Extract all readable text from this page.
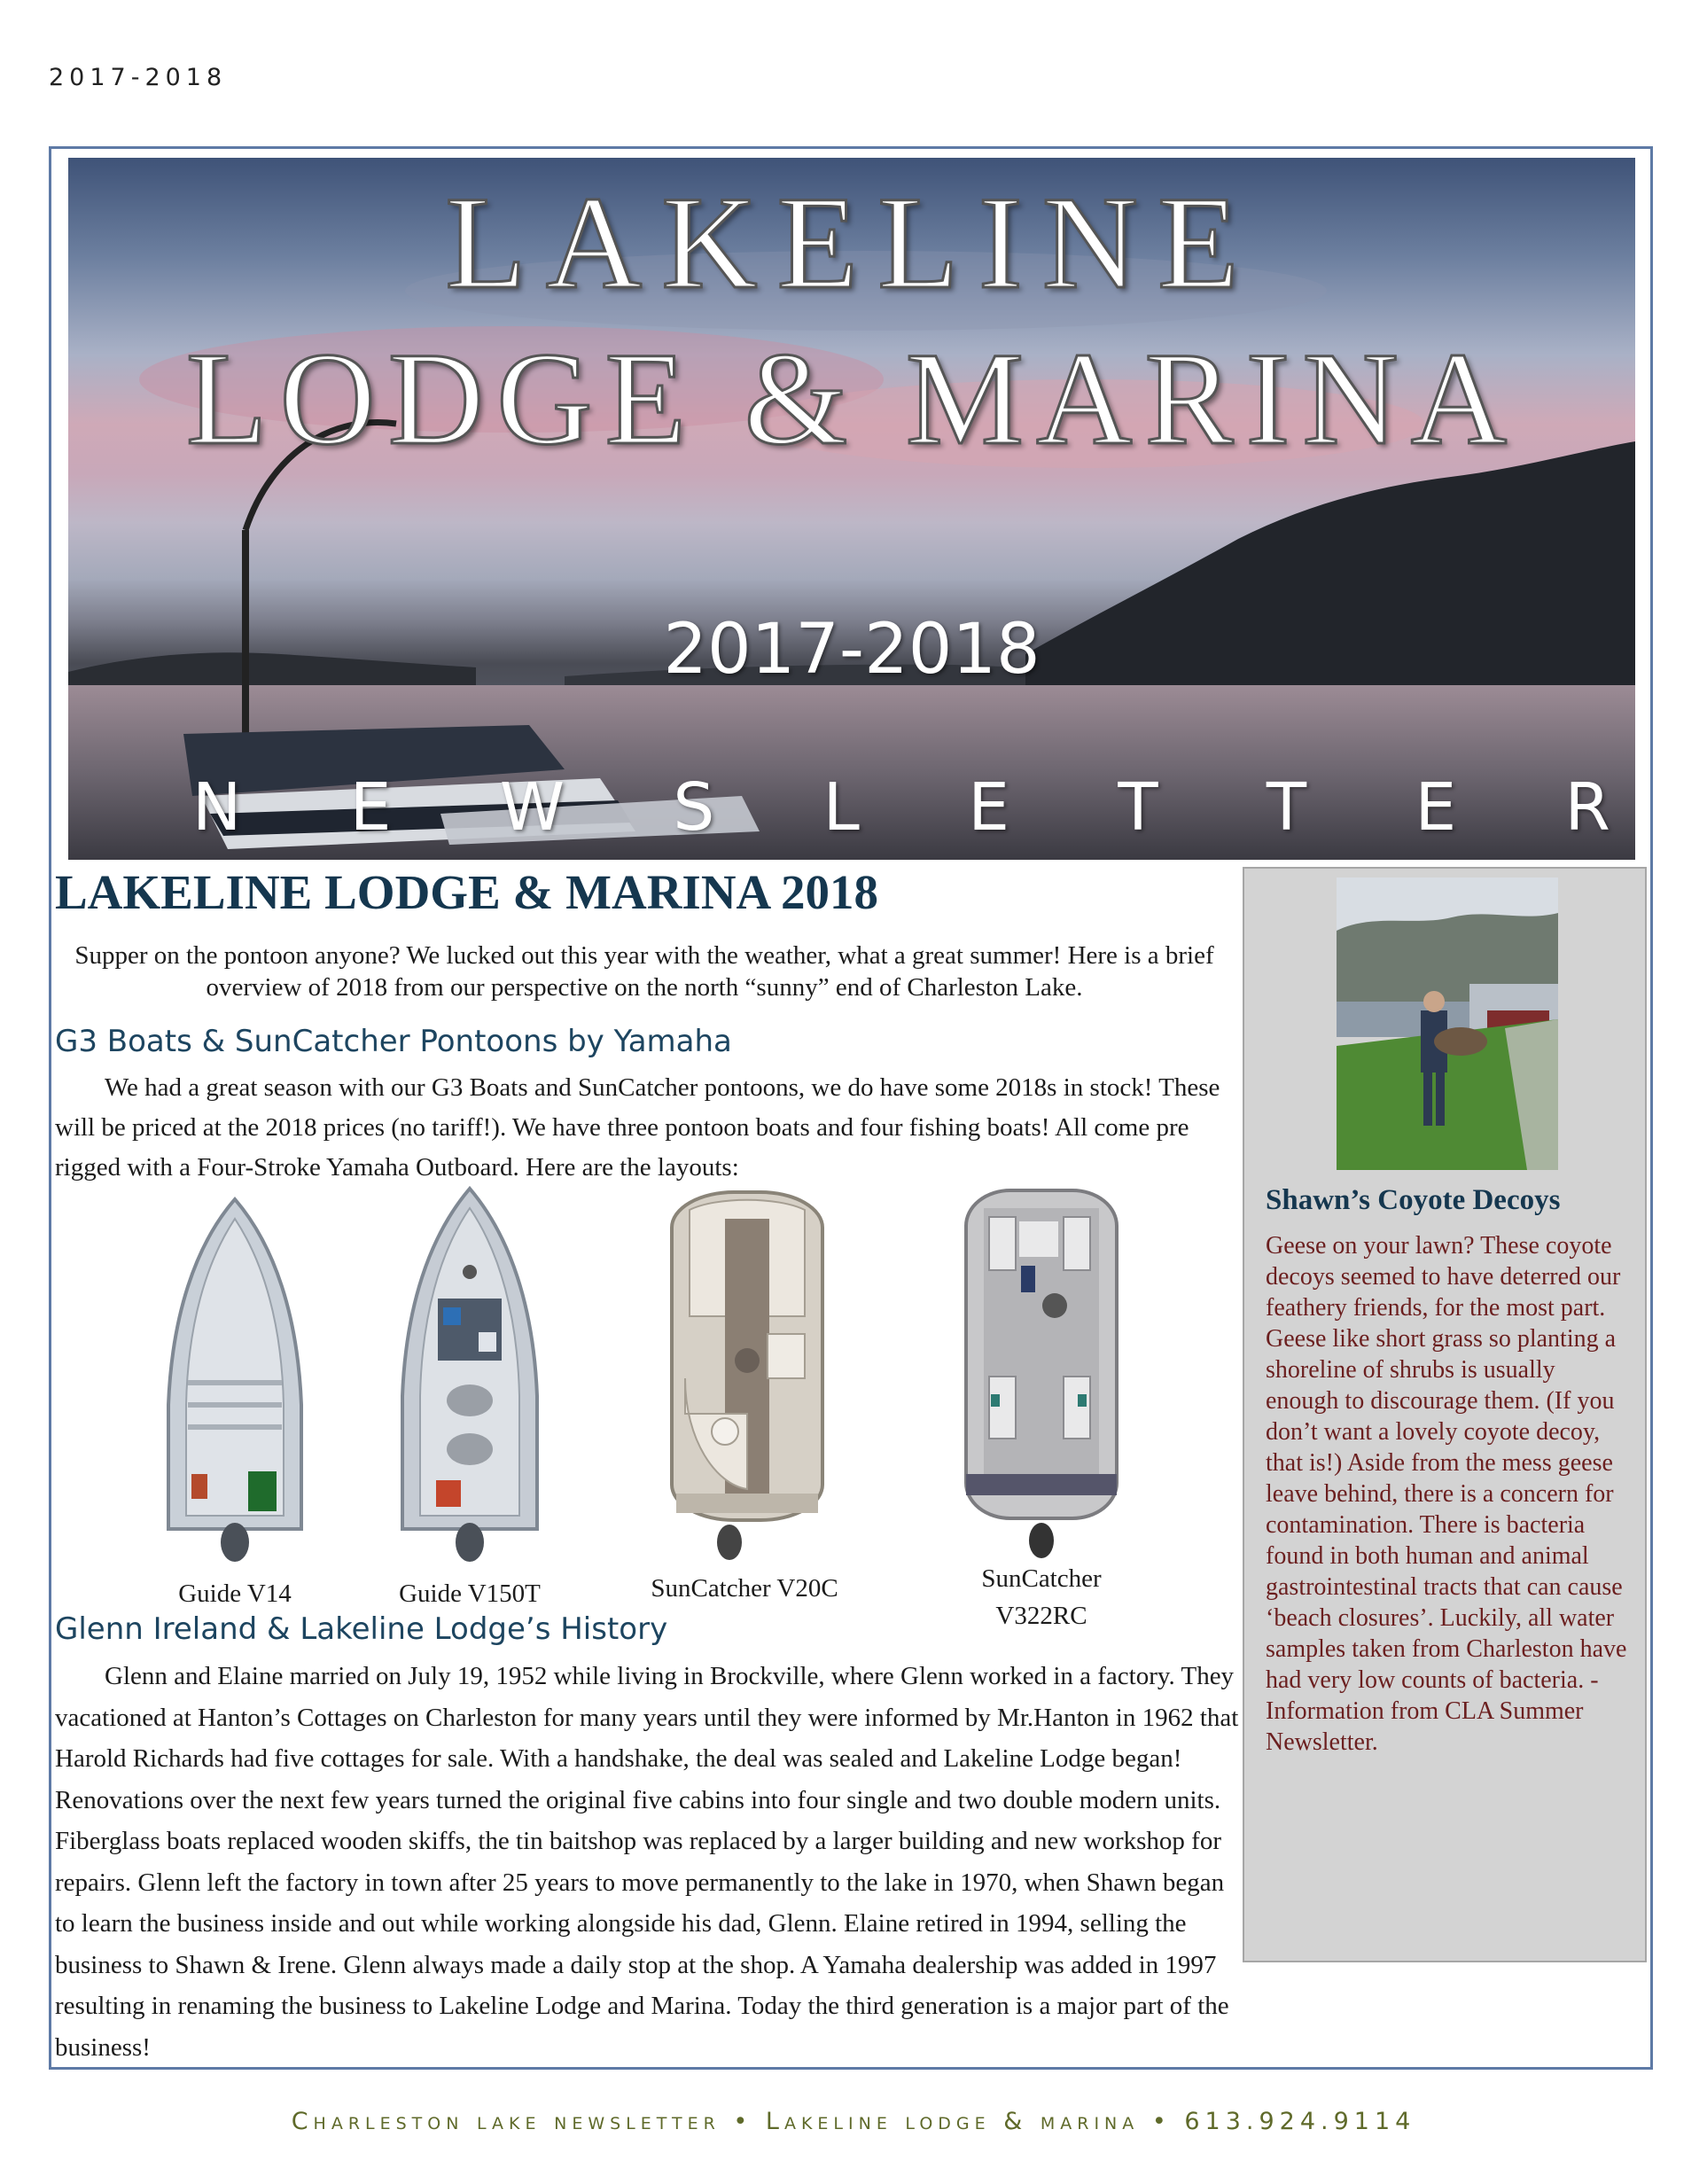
2017-2018
LAKELINE
LODGE & MARINA
2017-2018
N E W S L E T T E R
LAKELINE LODGE & MARINA 2018

Supper on the pontoon anyone? We lucked out this year with the weather, what a great summer! Here is a brief overview of 2018 from our perspective on the north “sunny” end of Charleston Lake.

G3 Boats & SunCatcher Pontoons by Yamaha

We had a great season with our G3 Boats and SunCatcher pontoons, we do have some 2018s in stock! These will be priced at the 2018 prices (no tariff!). We have three pontoon boats and four fishing boats! All come pre rigged with a Four-Stroke Yamaha Outboard. Here are the layouts:

Guide V14	Guide V150T	SunCatcher V20C	SunCatcher V322RC
Glenn Ireland & Lakeline Lodge’s History

Glenn and Elaine married on July 19, 1952 while living in Brockville, where Glenn worked in a factory. They vacationed at Hanton’s Cottages on Charleston for many years until they were informed by Mr.Hanton in 1962 that Harold Richards had five cottages for sale. With a handshake, the deal was sealed and Lakeline Lodge began! Renovations over the next few years turned the original five cabins into four single and two double modern units. Fiberglass boats replaced wooden skiffs, the tin baitshop was replaced by a larger building and new workshop for repairs. Glenn left the factory in town after 25 years to move permanently to the lake in 1970, when Shawn began to learn the business inside and out while working alongside his dad, Glenn. Elaine retired in 1994, selling the business to Shawn & Irene. Glenn always made a daily stop at the shop. A Yamaha dealership was added in 1997 resulting in renaming the business to Lakeline Lodge and Marina. Today the third generation is a major part of the business!

Shawn’s Coyote Decoys

Geese on your lawn? These coyote decoys seemed to have deterred our feathery friends, for the most part. Geese like short grass so planting a shoreline of shrubs is usually enough to discourage them. (If you don’t want a lovely coyote decoy, that is!) Aside from the mess geese leave behind, there is a concern for contamination. There is bacteria found in both human and animal gastrointestinal tracts that can cause ‘beach closures’. Luckily, all water samples taken from Charleston have had very low counts of bacteria. - Information from CLA Summer Newsletter.

Charleston lake newsletter • Lakeline lodge & marina • 613.924.9114
